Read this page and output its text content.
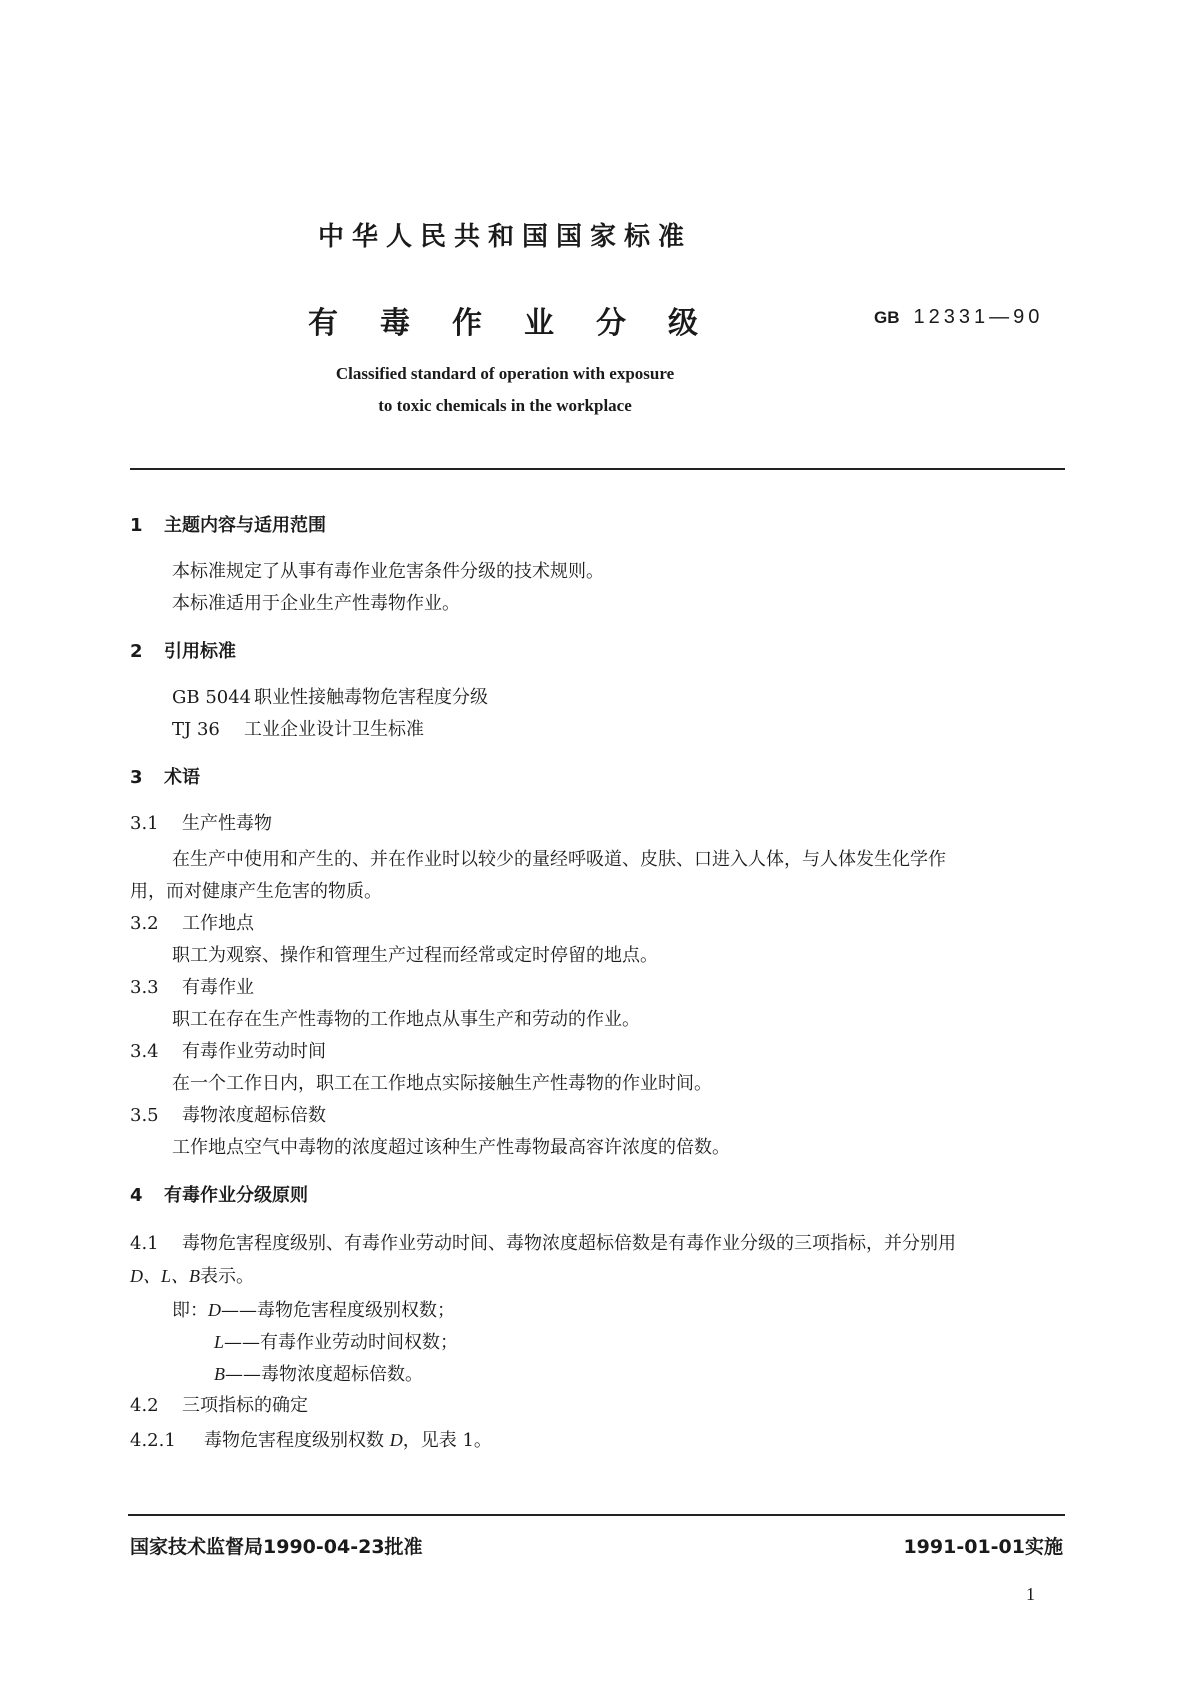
中华人民共和国国家标准
有毒作业分级	GB 12331—90
Classified standard of operation with exposure
to toxic chemicals in the workplace
1 主题内容与适用范围
本标准规定了从事有毒作业危害条件分级的技术规则。
本标准适用于企业生产性毒物作业。
2 引用标准
GB 5044 职业性接触毒物危害程度分级
TJ 36 工业企业设计卫生标准
3 术语
3.1 生产性毒物
在生产中使用和产生的、并在作业时以较少的量经呼吸道、皮肤、口进入人体，与人体发生化学作
用，而对健康产生危害的物质。
3.2 工作地点
职工为观察、操作和管理生产过程而经常或定时停留的地点。
3.3 有毒作业
职工在存在生产性毒物的工作地点从事生产和劳动的作业。
3.4 有毒作业劳动时间
在一个工作日内，职工在工作地点实际接触生产性毒物的作业时间。
3.5 毒物浓度超标倍数
工作地点空气中毒物的浓度超过该种生产性毒物最高容许浓度的倍数。
4 有毒作业分级原则
4.1 毒物危害程度级别、有毒作业劳动时间、毒物浓度超标倍数是有毒作业分级的三项指标，并分别用
D、L、B表示。
即：D——毒物危害程度级别权数；
L——有毒作业劳动时间权数；
B——毒物浓度超标倍数。
4.2 三项指标的确定
4.2.1 毒物危害程度级别权数 D，见表 1。
国家技术监督局1990-04-23批准	1991-01-01实施
1
